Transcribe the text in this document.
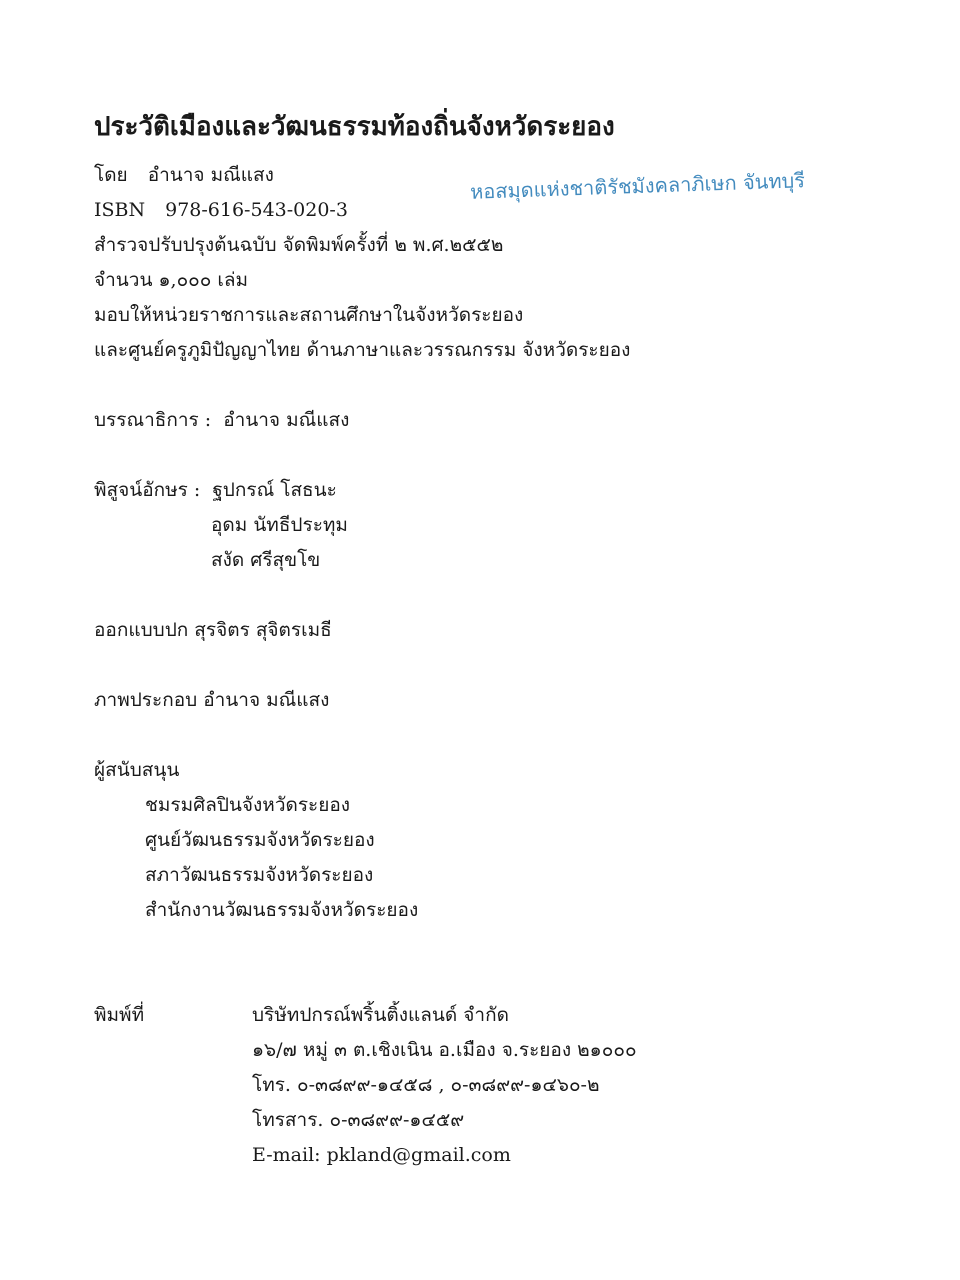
ประวัติเมืองและวัฒนธรรมท้องถิ่นจังหวัดระยอง
หอสมุดแห่งชาติรัชมังคลาภิเษก จันทบุรี
โดย อำนาจ มณีแสง
ISBN 978-616-543-020-3
สำรวจปรับปรุงต้นฉบับ จัดพิมพ์ครั้งที่ ๒ พ.ศ.๒๕๕๒
จำนวน ๑,๐๐๐ เล่ม
มอบให้หน่วยราชการและสถานศึกษาในจังหวัดระยอง
และศูนย์ครูภูมิปัญญาไทย ด้านภาษาและวรรณกรรม จังหวัดระยอง
บรรณาธิการ : อำนาจ มณีแสง
พิสูจน์อักษร : ฐปกรณ์ โสธนะ
อุดม นัทธีประทุม
สงัด ศรีสุขโข
ออกแบบปก สุรจิตร สุจิตรเมธี
ภาพประกอบ อำนาจ มณีแสง
ผู้สนับสนุน
ชมรมศิลปินจังหวัดระยอง
ศูนย์วัฒนธรรมจังหวัดระยอง
สภาวัฒนธรรมจังหวัดระยอง
สำนักงานวัฒนธรรมจังหวัดระยอง
พิมพ์ที่	บริษัทปกรณ์พริ้นติ้งแลนด์ จำกัด
๑๖/๗ หมู่ ๓ ต.เชิงเนิน อ.เมือง จ.ระยอง ๒๑๐๐๐
โทร. ๐-๓๘๙๙-๑๔๕๘ , ๐-๓๘๙๙-๑๔๖๐-๒
โทรสาร. ๐-๓๘๙๙-๑๔๕๙
E-mail: pkland@gmail.com
